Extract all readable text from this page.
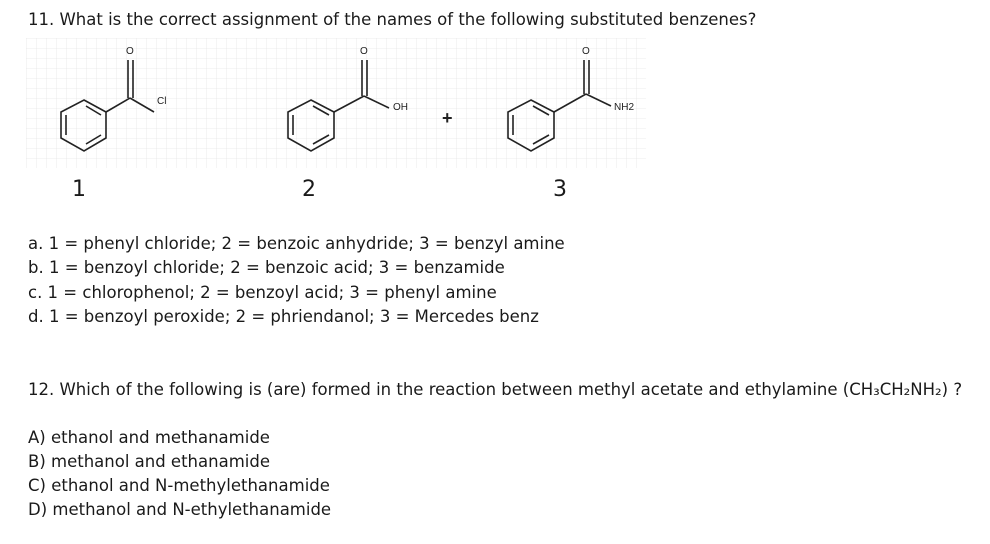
11. What is the correct assignment of the names of the following substituted benzenes?
O
Cl
O
OH
+
O
NH2
1	2	3
a. 1 = phenyl chloride; 2 = benzoic anhydride; 3 = benzyl amine
b. 1 = benzoyl chloride; 2 = benzoic acid; 3 = benzamide
c. 1 = chlorophenol; 2 = benzoyl acid; 3 = phenyl amine
d. 1 = benzoyl peroxide; 2 = phriendanol; 3 = Mercedes benz
12. Which of the following is (are) formed in the reaction between methyl acetate and ethylamine (CH₃CH₂NH₂) ?
A) ethanol and methanamide
B) methanol and ethanamide
C) ethanol and N-methylethanamide
D) methanol and N-ethylethanamide
